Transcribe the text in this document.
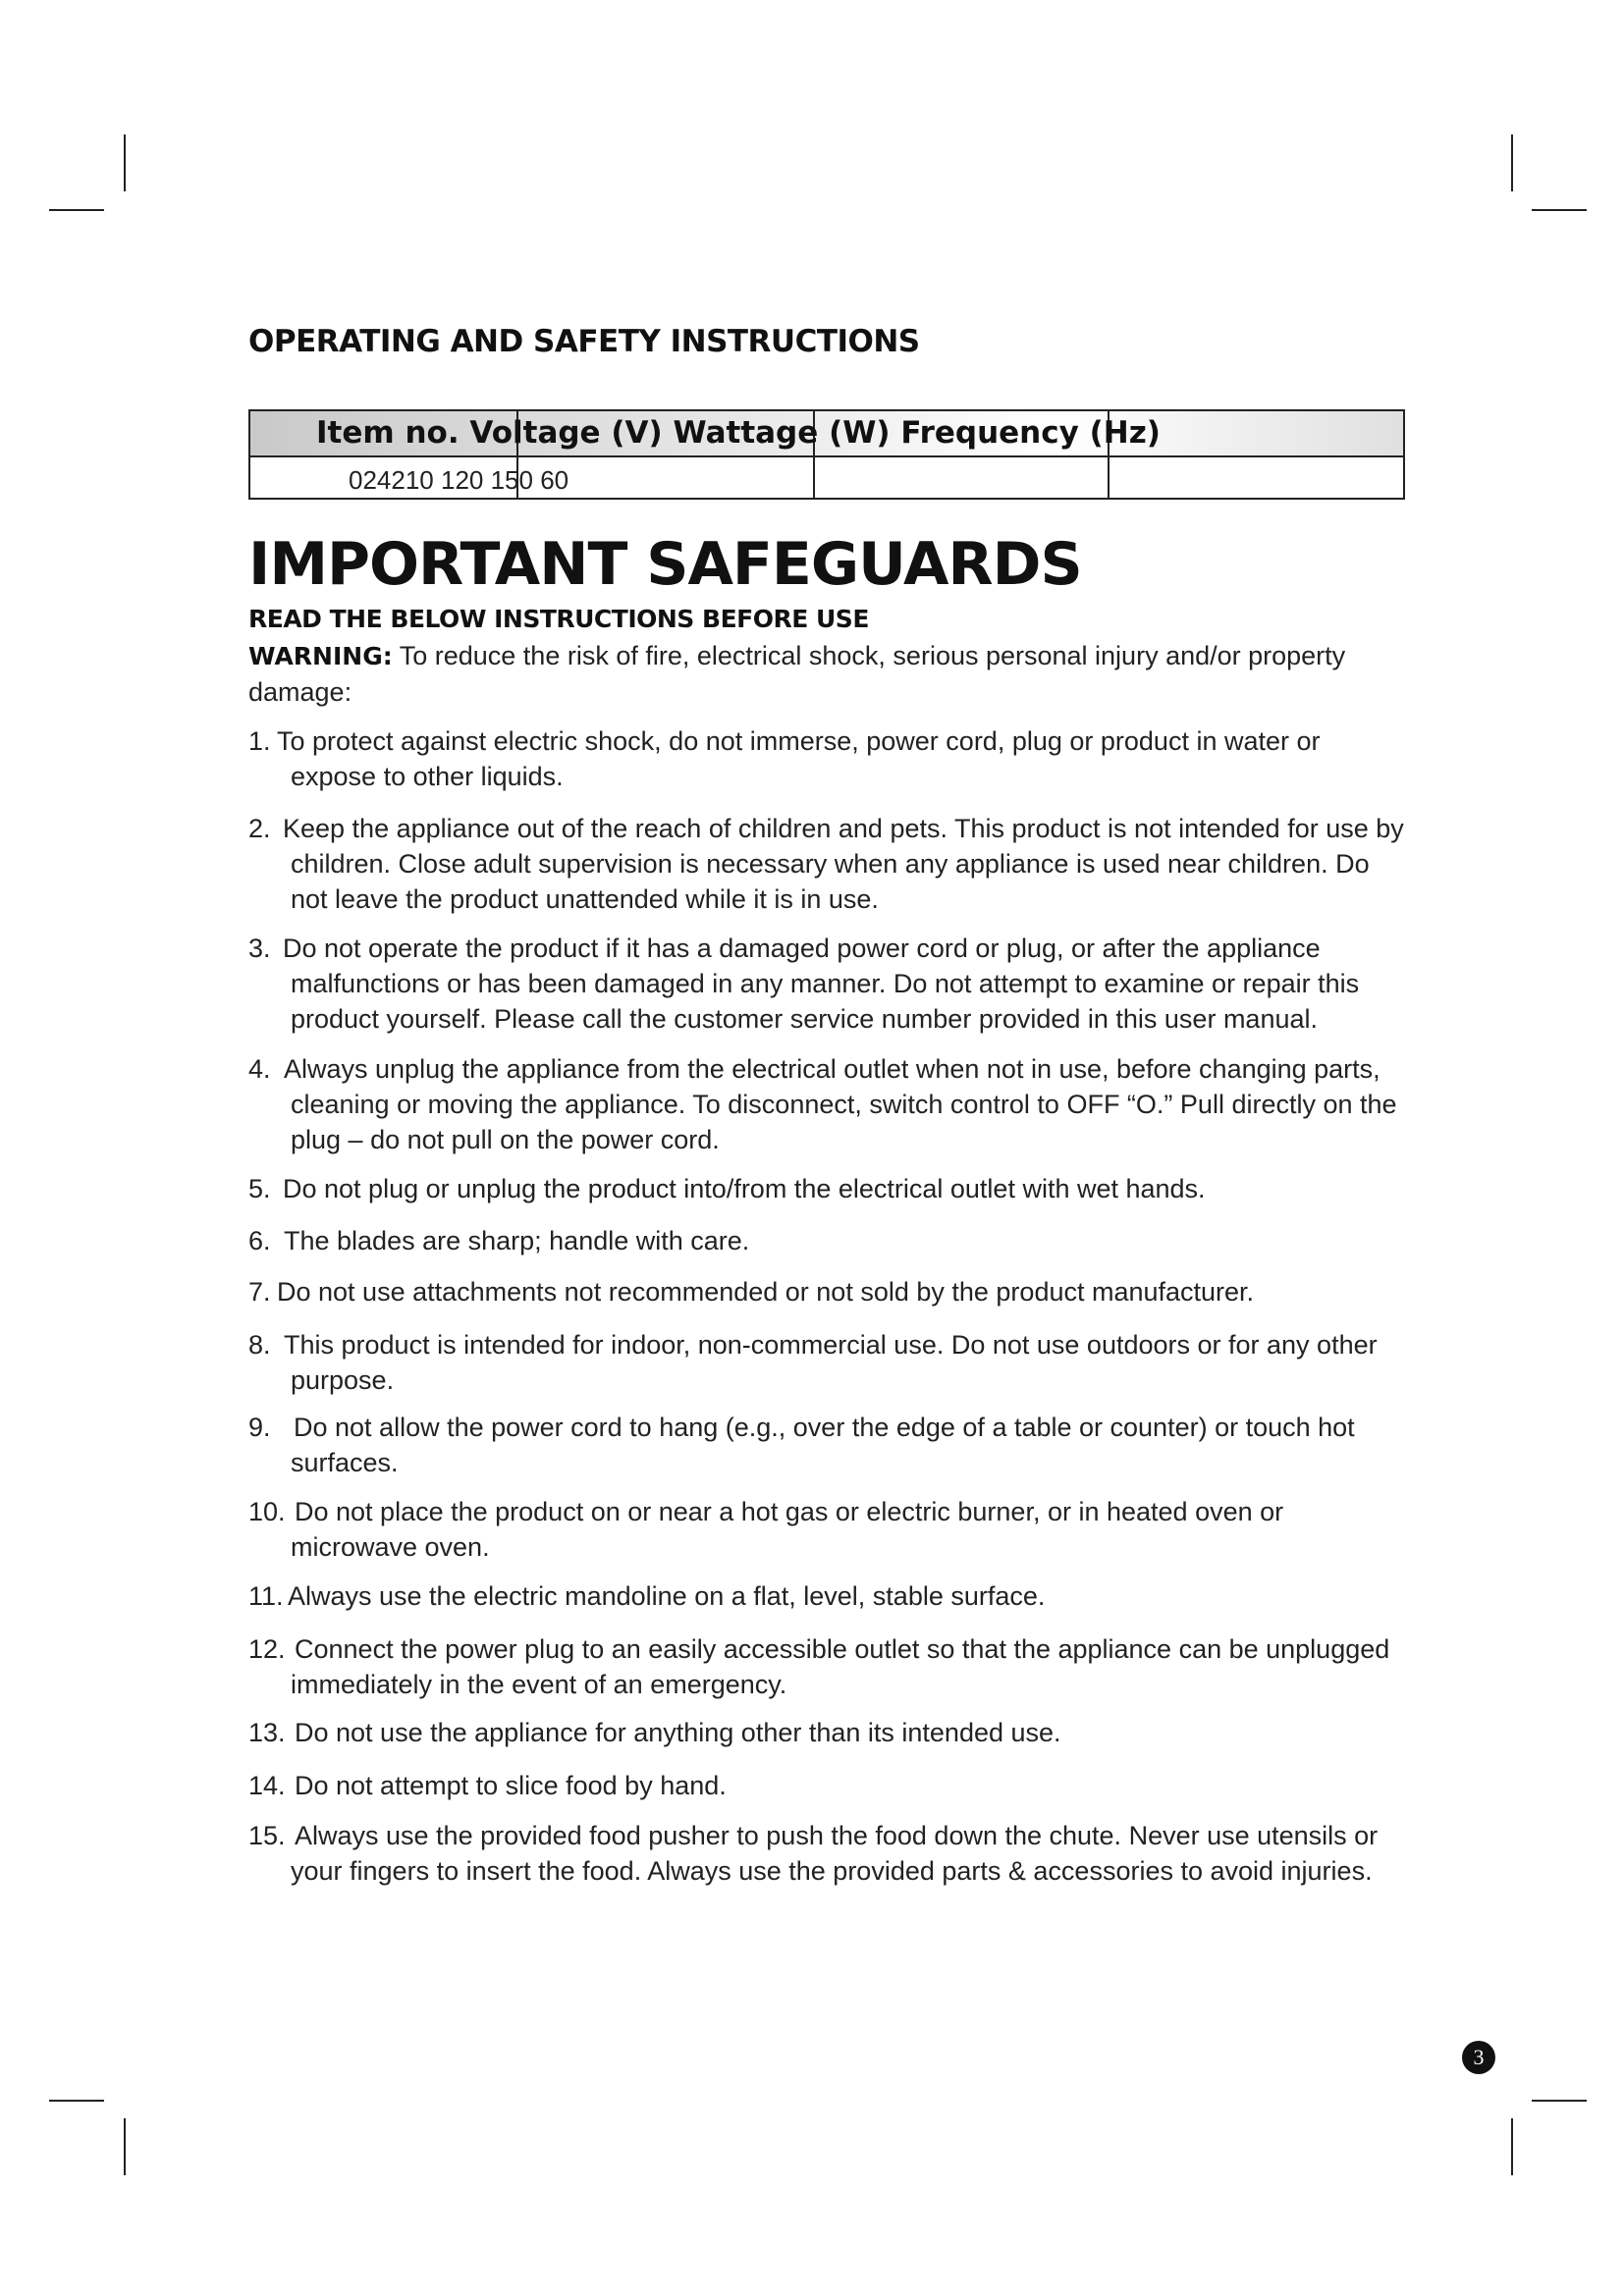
OPERATING AND SAFETY INSTRUCTIONS
Item no. Voltage (V) Wattage (W) Frequency (Hz)
024210 120 150 60
IMPORTANT SAFEGUARDS
READ THE BELOW INSTRUCTIONS BEFORE USE
WARNING: To reduce the risk of fire, electrical shock, serious personal injury and/or property damage:
1. To protect against electric shock, do not immerse, power cord, plug or product in water or expose to other liquids.
2. Keep the appliance out of the reach of children and pets. This product is not intended for use by children. Close adult supervision is necessary when any appliance is used near children. Do not leave the product unattended while it is in use.
3. Do not operate the product if it has a damaged power cord or plug, or after the appliance malfunctions or has been damaged in any manner. Do not attempt to examine or repair this product yourself. Please call the customer service number provided in this user manual.
4. Always unplug the appliance from the electrical outlet when not in use, before changing parts, cleaning or moving the appliance. To disconnect, switch control to OFF “O.” Pull directly on the plug – do not pull on the power cord.
5. Do not plug or unplug the product into/from the electrical outlet with wet hands.
6. The blades are sharp; handle with care.
7. Do not use attachments not recommended or not sold by the product manufacturer.
8. This product is intended for indoor, non-commercial use. Do not use outdoors or for any other purpose.
9. Do not allow the power cord to hang (e.g., over the edge of a table or counter) or touch hot surfaces.
10. Do not place the product on or near a hot gas or electric burner, or in heated oven or microwave oven.
11. Always use the electric mandoline on a flat, level, stable surface.
12. Connect the power plug to an easily accessible outlet so that the appliance can be unplugged immediately in the event of an emergency.
13. Do not use the appliance for anything other than its intended use.
14. Do not attempt to slice food by hand.
15. Always use the provided food pusher to push the food down the chute. Never use utensils or your fingers to insert the food. Always use the provided parts & accessories to avoid injuries.
3
